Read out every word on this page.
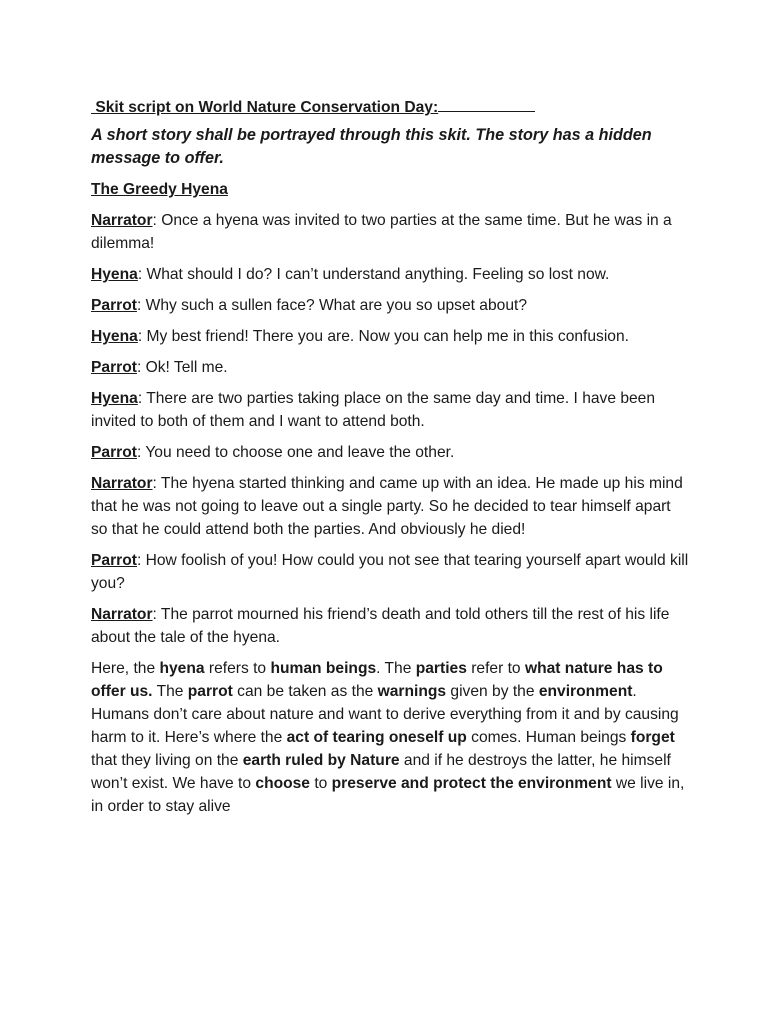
Skit script on World Nature Conservation Day:

A short story shall be portrayed through this skit. The story has a hidden message to offer.

The Greedy Hyena

Narrator: Once a hyena was invited to two parties at the same time. But he was in a dilemma!

Hyena: What should I do? I can’t understand anything. Feeling so lost now.

Parrot: Why such a sullen face? What are you so upset about?

Hyena: My best friend! There you are. Now you can help me in this confusion.

Parrot: Ok! Tell me.

Hyena: There are two parties taking place on the same day and time. I have been invited to both of them and I want to attend both.

Parrot: You need to choose one and leave the other.

Narrator: The hyena started thinking and came up with an idea. He made up his mind that he was not going to leave out a single party. So he decided to tear himself apart so that he could attend both the parties. And obviously he died!

Parrot: How foolish of you! How could you not see that tearing yourself apart would kill you?

Narrator: The parrot mourned his friend’s death and told others till the rest of his life about the tale of the hyena.

Here, the hyena refers to human beings. The parties refer to what nature has to offer us. The parrot can be taken as the warnings given by the environment. Humans don’t care about nature and want to derive everything from it and by causing harm to it. Here’s where the act of tearing oneself up comes. Human beings forget that they living on the earth ruled by Nature and if he destroys the latter, he himself won’t exist. We have to choose to preserve and protect the environment we live in, in order to stay alive
